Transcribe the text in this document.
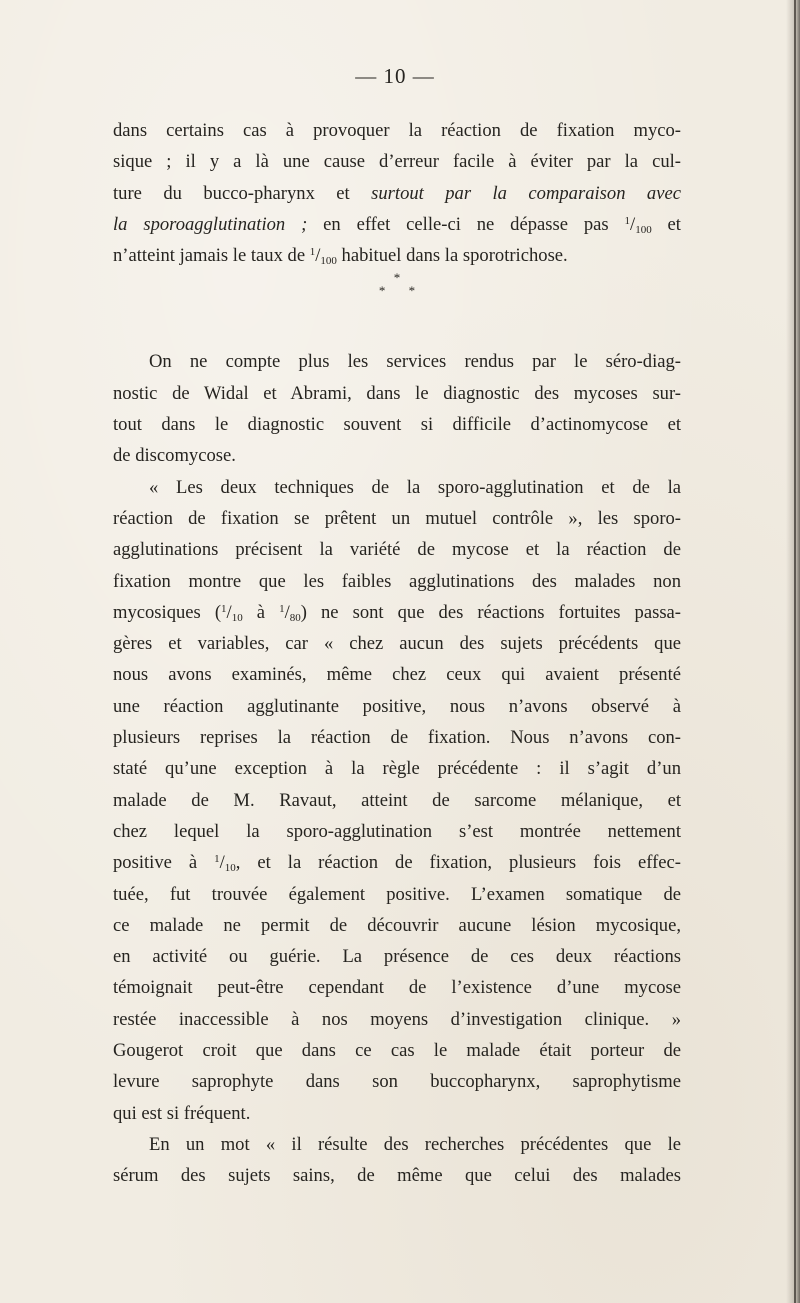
— 10 —
dans certains cas à provoquer la réaction de fixation myco-
sique ; il y a là une cause d’erreur facile à éviter par la cul-
ture du bucco-pharynx et surtout par la comparaison avec
la sporoagglutination ; en effet celle-ci ne dépasse pas $^1/_{100}$ et
n’atteint jamais le taux de $^1/_{100}$ habituel dans la sporotrichose.
*
* *
On ne compte plus les services rendus par le séro-diag-
nostic de Widal et Abrami, dans le diagnostic des mycoses sur-
tout dans le diagnostic souvent si difficile d’actinomycose et
de discomycose.
« Les deux techniques de la sporo-agglutination et de la
réaction de fixation se prêtent un mutuel contrôle », les sporo-
agglutinations précisent la variété de mycose et la réaction de
fixation montre que les faibles agglutinations des malades non
mycosiques ($^1/_{10}$ à $^1/_{80}$) ne sont que des réactions fortuites passa-
gères et variables, car « chez aucun des sujets précédents que
nous avons examinés, même chez ceux qui avaient présenté
une réaction agglutinante positive, nous n’avons observé à
plusieurs reprises la réaction de fixation. Nous n’avons con-
staté qu’une exception à la règle précédente : il s’agit d’un
malade de M. Ravaut, atteint de sarcome mélanique, et
chez lequel la sporo-agglutination s’est montrée nettement
positive à $^1/_{10}$, et la réaction de fixation, plusieurs fois effec-
tuée, fut trouvée également positive. L’examen somatique de
ce malade ne permit de découvrir aucune lésion mycosique,
en activité ou guérie. La présence de ces deux réactions
témoignait peut-être cependant de l’existence d’une mycose
restée inaccessible à nos moyens d’investigation clinique. »
Gougerot croit que dans ce cas le malade était porteur de
levure saprophyte dans son buccopharynx, saprophytisme
qui est si fréquent.
En un mot « il résulte des recherches précédentes que le
sérum des sujets sains, de même que celui des malades
